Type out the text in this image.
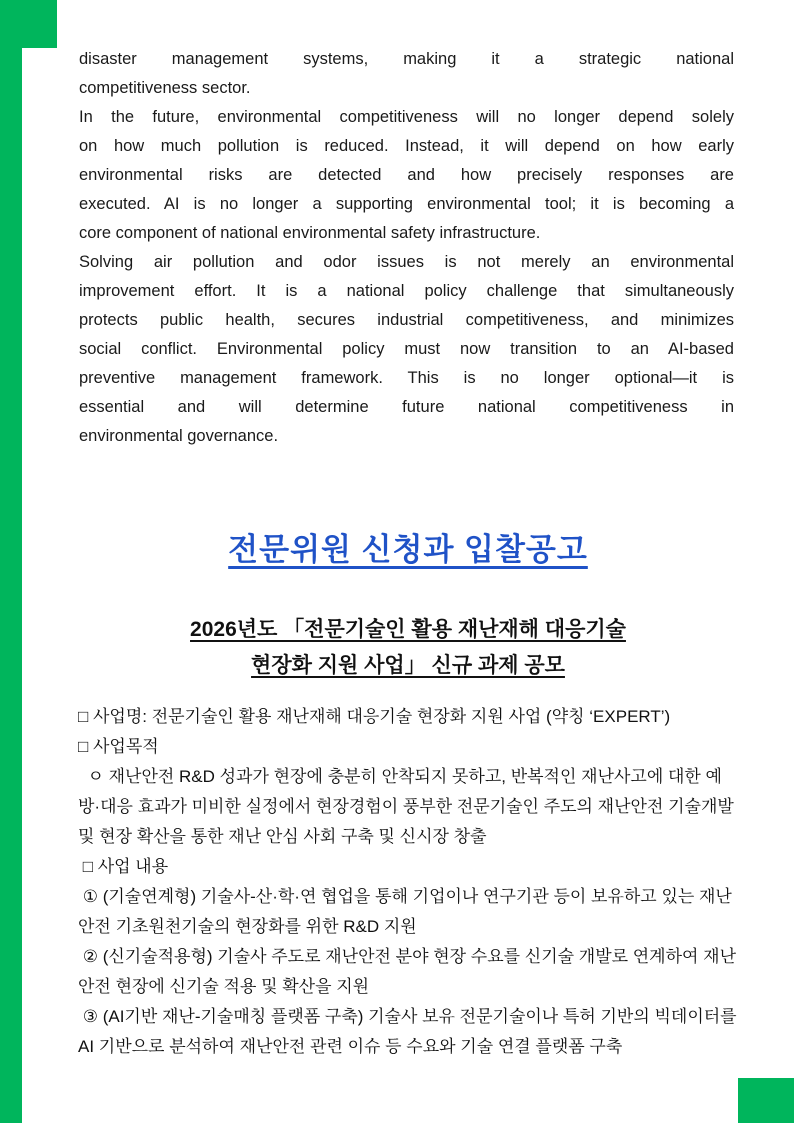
disaster management systems, making it a strategic national
competitiveness sector.
In the future, environmental competitiveness will no longer depend solely
on how much pollution is reduced. Instead, it will depend on how early
environmental risks are detected and how precisely responses are
executed. AI is no longer a supporting environmental tool; it is becoming a
core component of national environmental safety infrastructure.
Solving air pollution and odor issues is not merely an environmental
improvement effort. It is a national policy challenge that simultaneously
protects public health, secures industrial competitiveness, and minimizes
social conflict. Environmental policy must now transition to an AI-based
preventive management framework. This is no longer optional—it is
essential and will determine future national competitiveness in
environmental governance.
전문위원 신청과 입찰공고
2026년도 「전문기술인 활용 재난재해 대응기술
현장화 지원 사업」 신규 과제 공모

□ 사업명: 전문기술인 활용 재난재해 대응기술 현장화 지원 사업 (약칭 ‘EXPERT’)

□ 사업목적

ㅇ 재난안전 R&D 성과가 현장에 충분히 안착되지 못하고, 반복적인 재난사고에 대한 예방·대응 효과가 미비한 실정에서 현장경험이 풍부한 전문기술인 주도의 재난안전 기술개발 및 현장 확산을 통한 재난 안심 사회 구축 및 신시장 창출

□ 사업 내용

① (기술연계형) 기술사-산·학·연 협업을 통해 기업이나 연구기관 등이 보유하고 있는 재난안전 기초원천기술의 현장화를 위한 R&D 지원

② (신기술적용형) 기술사 주도로 재난안전 분야 현장 수요를 신기술 개발로 연계하여 재난안전 현장에 신기술 적용 및 확산을 지원

③ (AI기반 재난-기술매칭 플랫폼 구축) 기술사 보유 전문기술이나 특허 기반의 빅데이터를 AI 기반으로 분석하여 재난안전 관련 이슈 등 수요와 기술 연결 플랫폼 구축
